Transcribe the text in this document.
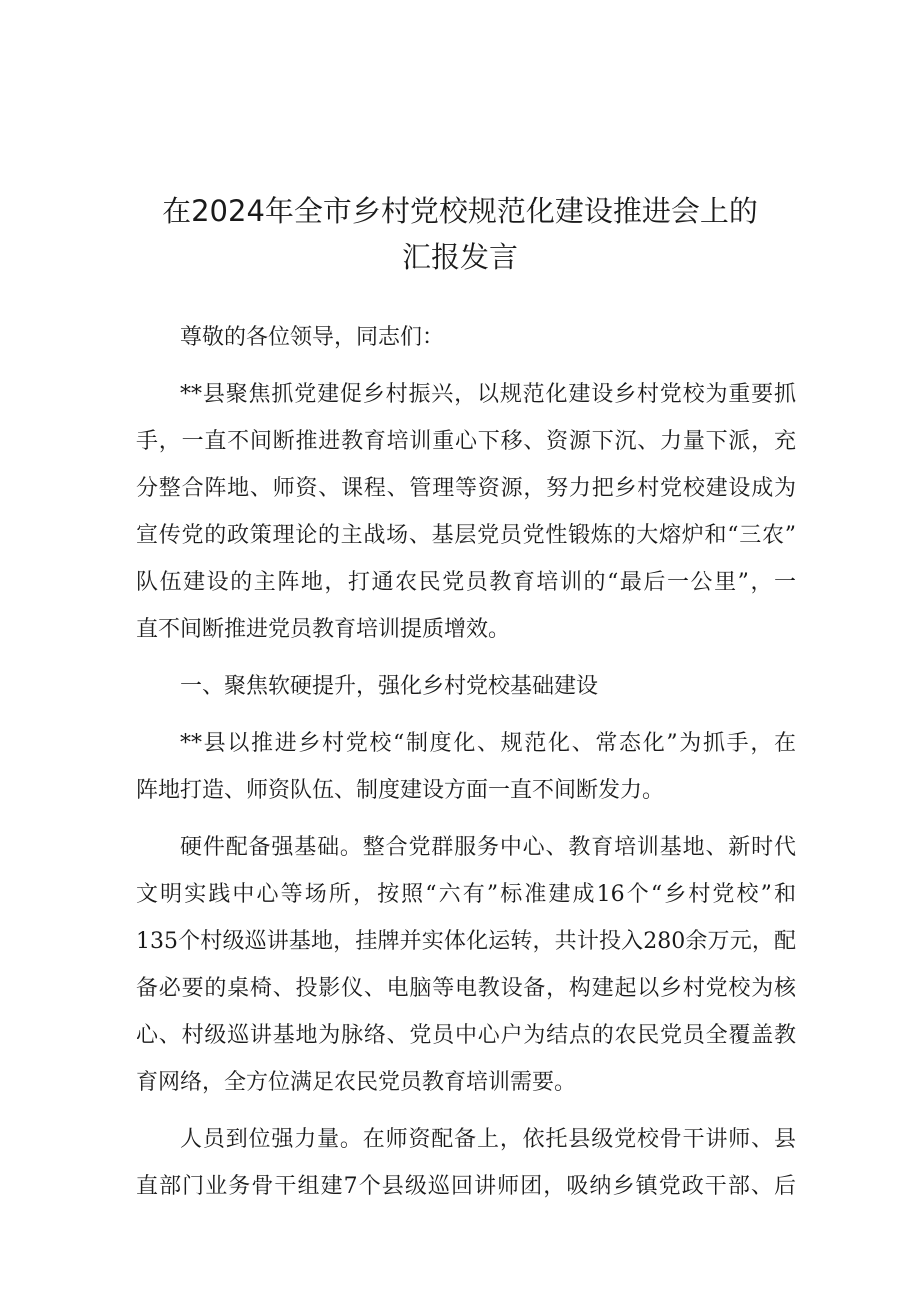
在2024年全市乡村党校规范化建设推进会上的
汇报发言

尊敬的各位领导，同志们：

**县聚焦抓党建促乡村振兴，以规范化建设乡村党校为重要抓
手，一直不间断推进教育培训重心下移、资源下沉、力量下派，充
分整合阵地、师资、课程、管理等资源，努力把乡村党校建设成为
宣传党的政策理论的主战场、基层党员党性锻炼的大熔炉和“三农”
队伍建设的主阵地，打通农民党员教育培训的“最后一公里”，一
直不间断推进党员教育培训提质增效。

一、聚焦软硬提升，强化乡村党校基础建设

**县以推进乡村党校“制度化、规范化、常态化”为抓手，在
阵地打造、师资队伍、制度建设方面一直不间断发力。

硬件配备强基础。整合党群服务中心、教育培训基地、新时代
文明实践中心等场所，按照“六有”标准建成16个“乡村党校”和
135个村级巡讲基地，挂牌并实体化运转，共计投入280余万元，配
备必要的桌椅、投影仪、电脑等电教设备，构建起以乡村党校为核
心、村级巡讲基地为脉络、党员中心户为结点的农民党员全覆盖教
育网络，全方位满足农民党员教育培训需要。

人员到位强力量。在师资配备上，依托县级党校骨干讲师、县
直部门业务骨干组建7个县级巡回讲师团，吸纳乡镇党政干部、后
